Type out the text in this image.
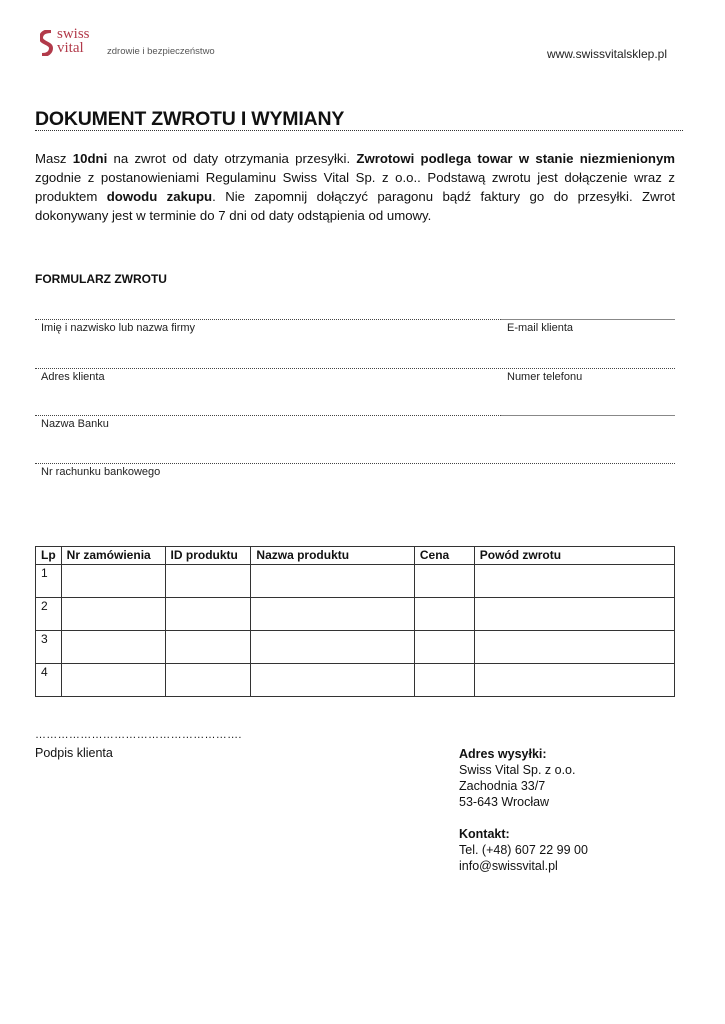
swiss
vital zdrowie i bezpieczeństwo	www.swissvitalsklep.pl
DOKUMENT ZWROTU I WYMIANY
Masz 10dni na zwrot od daty otrzymania przesyłki. Zwrotowi podlega towar w stanie niezmienionym zgodnie z postanowieniami Regulaminu Swiss Vital Sp. z o.o.. Podstawą zwrotu jest dołączenie wraz z produktem dowodu zakupu. Nie zapomnij dołączyć paragonu bądź faktury go do przesyłki. Zwrot dokonywany jest w terminie do 7 dni od daty odstąpienia od umowy.
FORMULARZ ZWROTU
Imię i nazwisko lub nazwa firmy	E-mail klienta
Adres klienta	Numer telefonu
Nazwa Banku
Nr rachunku bankowego
Lp	Nr zamówienia	ID produktu	Nazwa produktu	Cena	Powód zwrotu
1					
2					
3					
4					
……………………………………………….
Podpis klienta	Adres wysyłki:
Swiss Vital Sp. z o.o.
Zachodnia 33/7
53-643 Wrocław
Kontakt:
Tel. (+48) 607 22 99 00
info@swissvital.pl
